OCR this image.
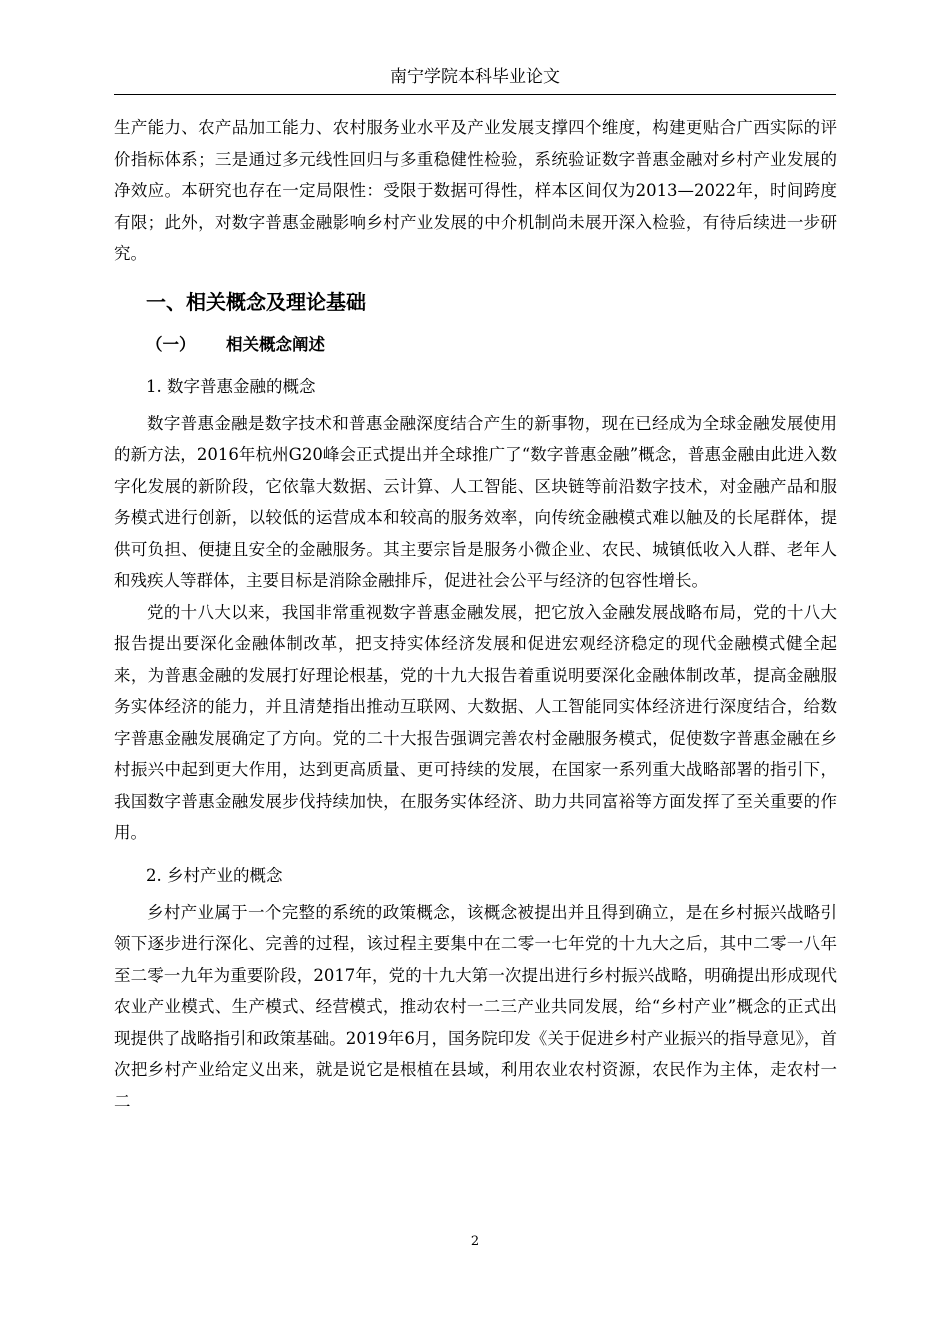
南宁学院本科毕业论文

生产能力、农产品加工能力、农村服务业水平及产业发展支撑四个维度，构建更贴合广西实际的评价指标体系；三是通过多元线性回归与多重稳健性检验，系统验证数字普惠金融对乡村产业发展的净效应。本研究也存在一定局限性：受限于数据可得性，样本区间仅为2013—2022年，时间跨度有限；此外，对数字普惠金融影响乡村产业发展的中介机制尚未展开深入检验，有待后续进一步研究。

一、相关概念及理论基础

（一） 相关概念阐述

1. 数字普惠金融的概念

数字普惠金融是数字技术和普惠金融深度结合产生的新事物，现在已经成为全球金融发展使用的新方法，2016年杭州G20峰会正式提出并全球推广了“数字普惠金融”概念，普惠金融由此进入数字化发展的新阶段，它依靠大数据、云计算、人工智能、区块链等前沿数字技术，对金融产品和服务模式进行创新，以较低的运营成本和较高的服务效率，向传统金融模式难以触及的长尾群体，提供可负担、便捷且安全的金融服务。其主要宗旨是服务小微企业、农民、城镇低收入人群、老年人和残疾人等群体，主要目标是消除金融排斥，促进社会公平与经济的包容性增长。

党的十八大以来，我国非常重视数字普惠金融发展，把它放入金融发展战略布局，党的十八大报告提出要深化金融体制改革，把支持实体经济发展和促进宏观经济稳定的现代金融模式健全起来，为普惠金融的发展打好理论根基，党的十九大报告着重说明要深化金融体制改革，提高金融服务实体经济的能力，并且清楚指出推动互联网、大数据、人工智能同实体经济进行深度结合，给数字普惠金融发展确定了方向。党的二十大报告强调完善农村金融服务模式，促使数字普惠金融在乡村振兴中起到更大作用，达到更高质量、更可持续的发展，在国家一系列重大战略部署的指引下，我国数字普惠金融发展步伐持续加快，在服务实体经济、助力共同富裕等方面发挥了至关重要的作用。

2. 乡村产业的概念

乡村产业属于一个完整的系统的政策概念，该概念被提出并且得到确立，是在乡村振兴战略引领下逐步进行深化、完善的过程，该过程主要集中在二零一七年党的十九大之后，其中二零一八年至二零一九年为重要阶段，2017年，党的十九大第一次提出进行乡村振兴战略，明确提出形成现代农业产业模式、生产模式、经营模式，推动农村一二三产业共同发展，给“乡村产业”概念的正式出现提供了战略指引和政策基础。2019年6月，国务院印发《关于促进乡村产业振兴的指导意见》，首次把乡村产业给定义出来，就是说它是根植在县域，利用农业农村资源，农民作为主体，走农村一二

2
